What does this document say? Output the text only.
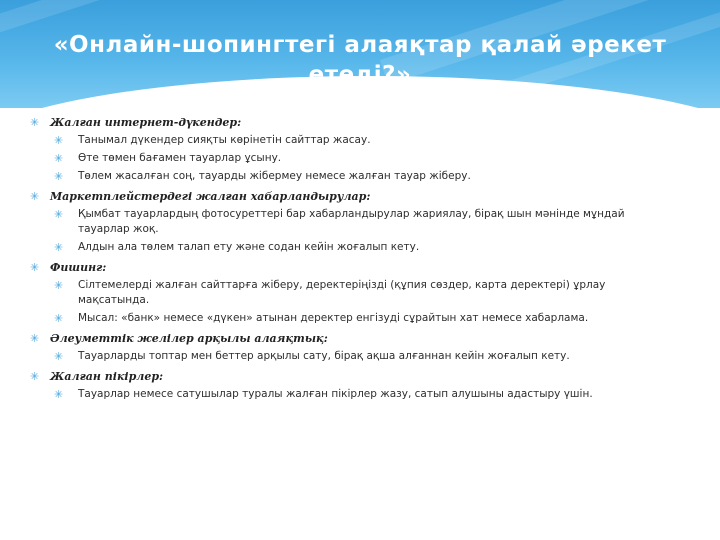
«Онлайн-шопингтегі алаяқтар қалай әрекет етеді?»
✳ Жалған интернет-дүкендер:
✳ Танымал дүкендер сияқты көрінетін сайттар жасау.
✳ Өте төмен бағамен тауарлар ұсыну.
✳ Төлем жасалған соң, тауарды жібермеу немесе жалған тауар жіберу.
✳ Маркетплейстердегі жалған хабарландырулар:
✳ Қымбат тауарлардың фотосуреттері бар хабарландырулар жариялау, бірақ шын мәнінде мұндай тауарлар жоқ.
✳ Алдын ала төлем талап ету және содан кейін жоғалып кету.
✳ Фишинг:
✳ Сілтемелерді жалған сайттарға жіберу, деректеріңізді (құпия сөздер, карта деректері) ұрлау мақсатында.
✳ Мысал: «банк» немесе «дүкен» атынан деректер енгізуді сұрайтын хат немесе хабарлама.
✳ Әлеуметтік желілер арқылы алаяқтық:
✳ Тауарларды топтар мен беттер арқылы сату, бірақ ақша алғаннан кейін жоғалып кету.
✳ Жалған пікірлер:
✳ Тауарлар немесе сатушылар туралы жалған пікірлер жазу, сатып алушыны адастыру үшін.
